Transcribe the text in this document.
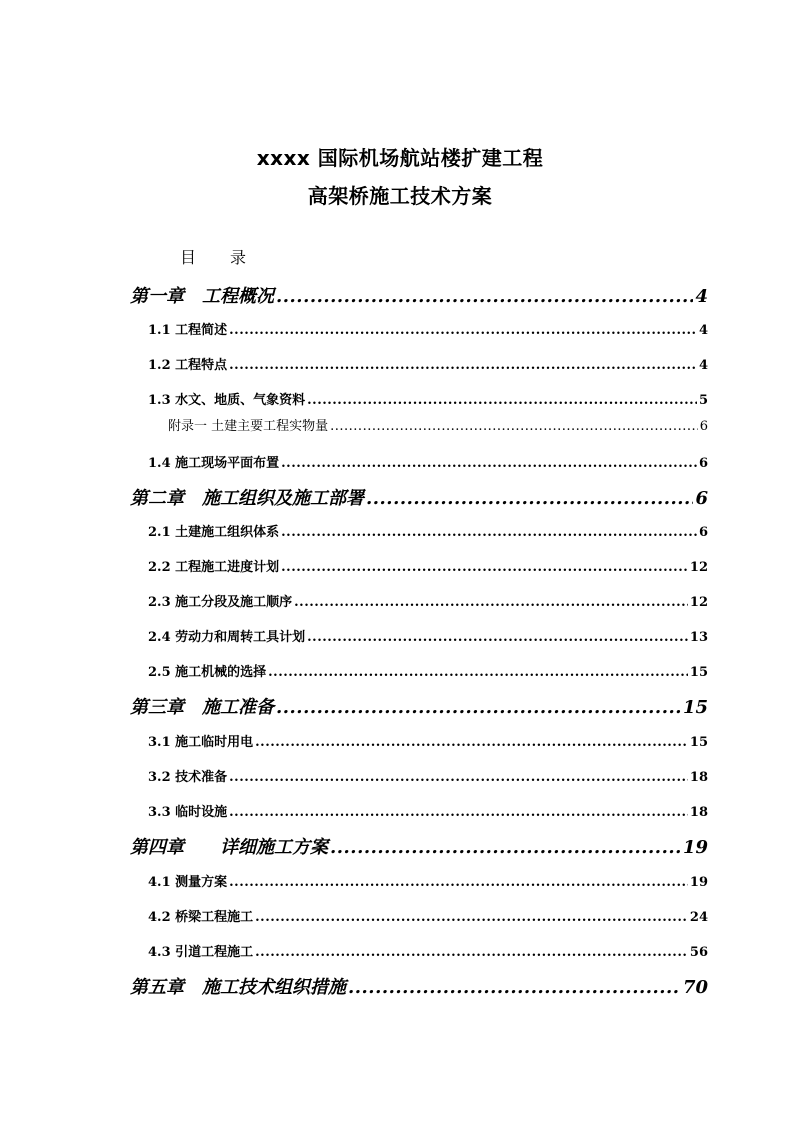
xxxx 国际机场航站楼扩建工程
高架桥施工技术方案
目 录
第一章　工程概况 .....	4
1.1 工程简述 .....	4
1.2 工程特点 .....	4
1.3 水文、地质、气象资料 .....	5
附录一 土建主要工程实物量 .....	6
1.4 施工现场平面布置 .....	6
第二章　施工组织及施工部署 .....	6
2.1 土建施工组织体系 .....	6
2.2 工程施工进度计划 .....	12
2.3 施工分段及施工顺序 .....	12
2.4 劳动力和周转工具计划 .....	13
2.5 施工机械的选择 .....	15
第三章　施工准备 .....	15
3.1 施工临时用电 .....	15
3.2 技术准备 .....	18
3.3 临时设施 .....	18
第四章　　详细施工方案 .....	19
4.1 测量方案 .....	19
4.2 桥梁工程施工 .....	24
4.3 引道工程施工 .....	56
第五章　施工技术组织措施 .....	70
